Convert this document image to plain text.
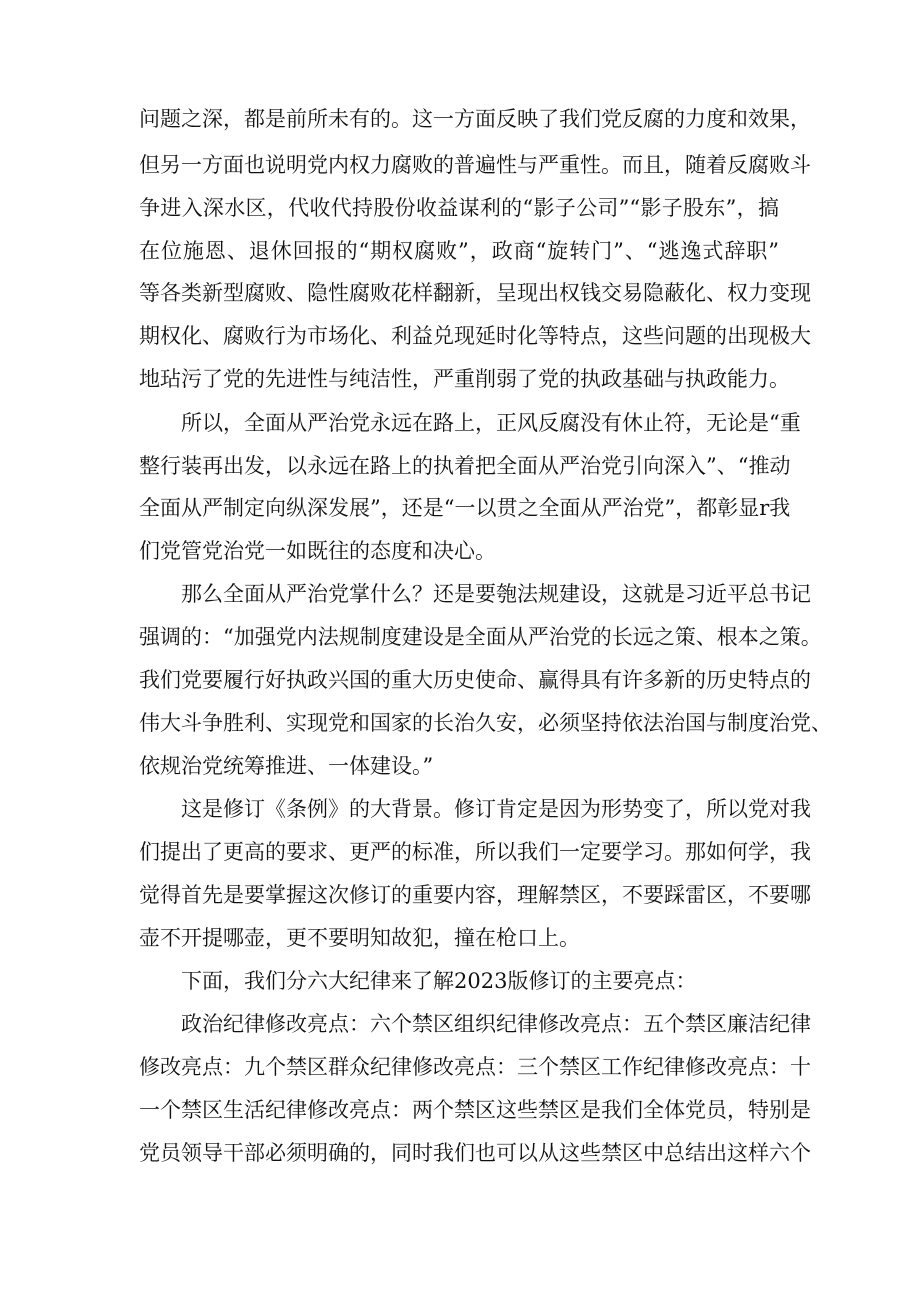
问题之深，都是前所未有的。这一方面反映了我们党反腐的力度和效果，
但另一方面也说明党内权力腐败的普遍性与严重性。而且，随着反腐败斗
争进入深水区，代收代持股份收益谋利的“影子公司”“影子股东”，搞
在位施恩、退休回报的“期权腐败”，政商“旋转门”、“逃逸式辞职”
等各类新型腐败、隐性腐败花样翻新，呈现出权钱交易隐蔽化、权力变现
期权化、腐败行为市场化、利益兑现延时化等特点，这些问题的出现极大
地玷污了党的先进性与纯洁性，严重削弱了党的执政基础与执政能力。
所以，全面从严治党永远在路上，正风反腐没有休止符，无论是“重
整行装再出发，以永远在路上的执着把全面从严治党引向深入”、“推动
全面从严制定向纵深发展”，还是“一以贯之全面从严治党”，都彰显r我
们党管党治党一如既往的态度和决心。
那么全面从严治党掌什么？还是要匏法规建设，这就是习近平总书记
强调的：“加强党内法规制度建设是全面从严治党的长远之策、根本之策。
我们党要履行好执政兴国的重大历史使命、赢得具有许多新的历史特点的
伟大斗争胜利、实现党和国家的长治久安，必须坚持依法治国与制度治党、
依规治党统筹推进、一体建设。”
这是修订《条例》的大背景。修订肯定是因为形势变了，所以党对我
们提出了更高的要求、更严的标准，所以我们一定要学习。那如何学，我
觉得首先是要掌握这次修订的重要内容，理解禁区，不要踩雷区，不要哪
壶不开提哪壶，更不要明知故犯，撞在枪口上。
下面，我们分六大纪律来了解2023版修订的主要亮点：
政治纪律修改亮点：六个禁区组织纪律修改亮点：五个禁区廉洁纪律
修改亮点：九个禁区群众纪律修改亮点：三个禁区工作纪律修改亮点：十
一个禁区生活纪律修改亮点：两个禁区这些禁区是我们全体党员，特别是
党员领导干部必须明确的，同时我们也可以从这些禁区中总结出这样六个
